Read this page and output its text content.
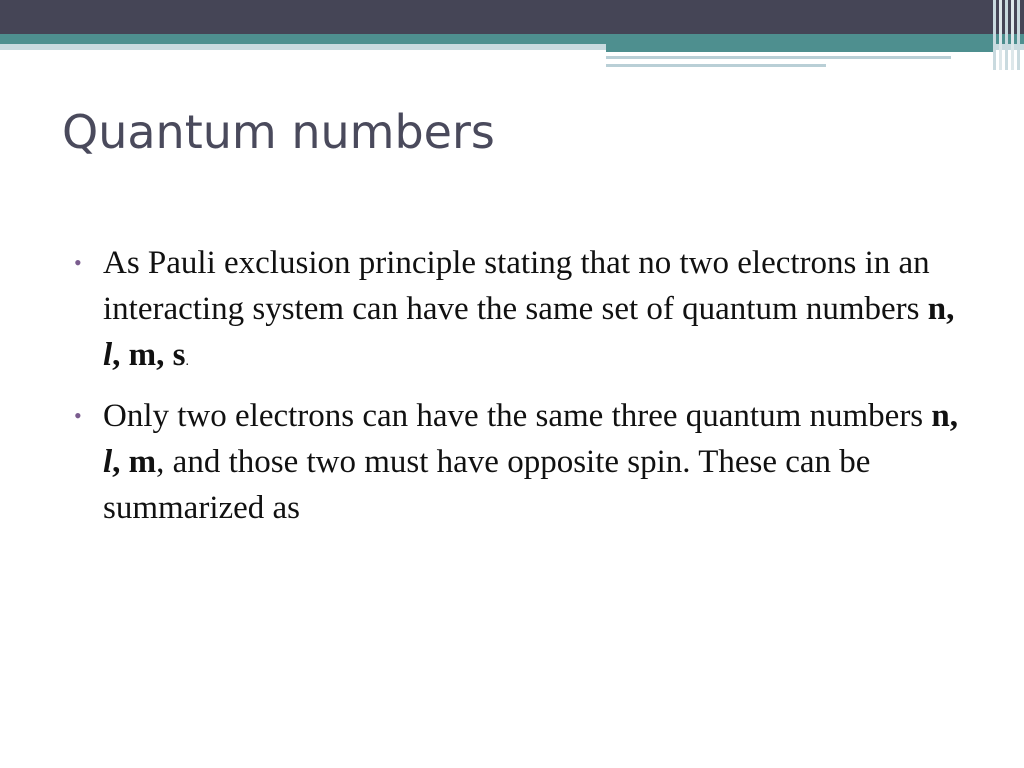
Quantum numbers
• As Pauli exclusion principle stating that no two electrons in an interacting system can have the same set of quantum numbers n, l, m, s.
• Only two electrons can have the same three quantum numbers n, l, m, and those two must have opposite spin. These can be summarized as
